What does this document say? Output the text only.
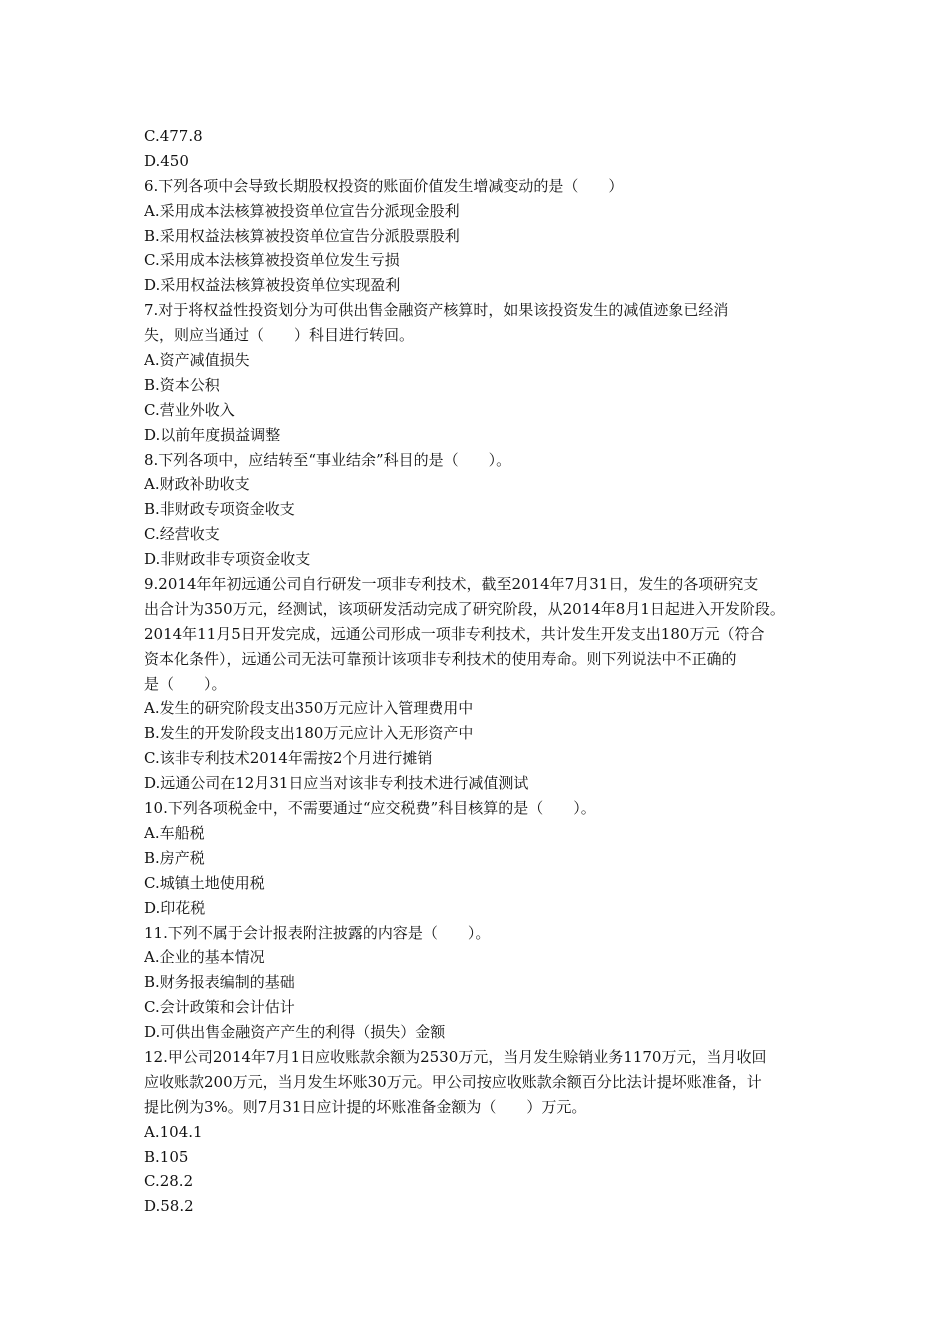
C.477.8
D.450
6.下列各项中会导致长期股权投资的账面价值发生增减变动的是（　　）
A.采用成本法核算被投资单位宣告分派现金股利
B.采用权益法核算被投资单位宣告分派股票股利
C.采用成本法核算被投资单位发生亏损
D.采用权益法核算被投资单位实现盈利
7.对于将权益性投资划分为可供出售金融资产核算时，如果该投资发生的减值迹象已经消
失，则应当通过（　　）科目进行转回。
A.资产减值损失
B.资本公积
C.营业外收入
D.以前年度损益调整
8.下列各项中，应结转至“事业结余”科目的是（　　）。
A.财政补助收支
B.非财政专项资金收支
C.经营收支
D.非财政非专项资金收支
9.2014年年初远通公司自行研发一项非专利技术，截至2014年7月31日，发生的各项研究支
出合计为350万元，经测试，该项研发活动完成了研究阶段，从2014年8月1日起进入开发阶段。
2014年11月5日开发完成，远通公司形成一项非专利技术，共计发生开发支出180万元（符合
资本化条件），远通公司无法可靠预计该项非专利技术的使用寿命。则下列说法中不正确的
是（　　）。
A.发生的研究阶段支出350万元应计入管理费用中
B.发生的开发阶段支出180万元应计入无形资产中
C.该非专利技术2014年需按2个月进行摊销
D.远通公司在12月31日应当对该非专利技术进行减值测试
10.下列各项税金中，不需要通过“应交税费”科目核算的是（　　）。
A.车船税
B.房产税
C.城镇土地使用税
D.印花税
11.下列不属于会计报表附注披露的内容是（　　）。
A.企业的基本情况
B.财务报表编制的基础
C.会计政策和会计估计
D.可供出售金融资产产生的利得（损失）金额
12.甲公司2014年7月1日应收账款余额为2530万元，当月发生赊销业务1170万元，当月收回
应收账款200万元，当月发生坏账30万元。甲公司按应收账款余额百分比法计提坏账准备，计
提比例为3%。则7月31日应计提的坏账准备金额为（　　）万元。
A.104.1
B.105
C.28.2
D.58.2
